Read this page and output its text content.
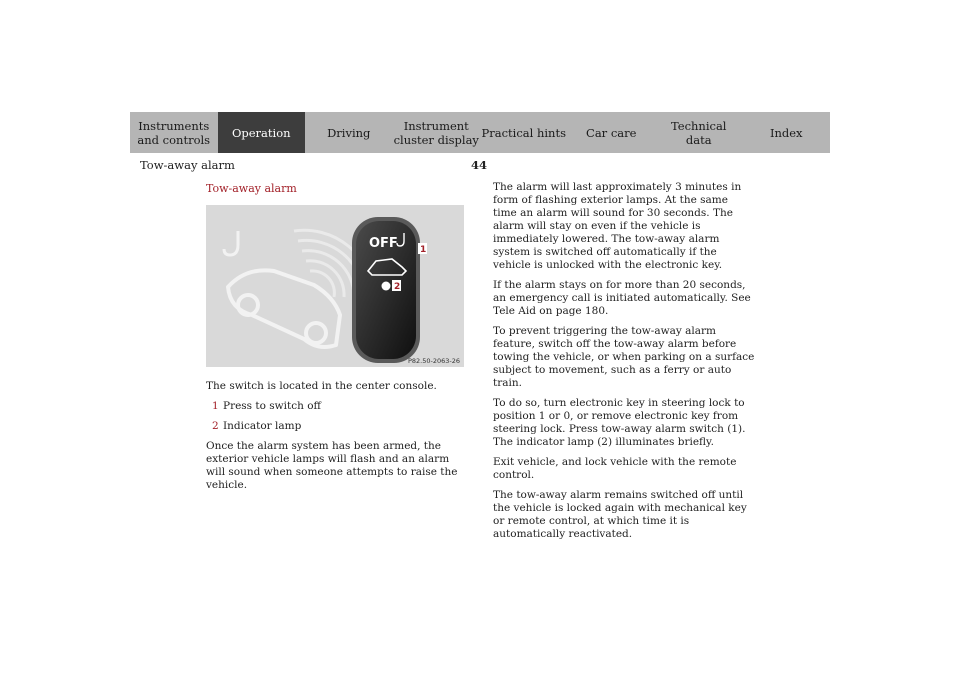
Instruments
and controls	Operation	Driving	Instrument
cluster display Practical hints	Car care	Technical
data	Index
Tow-away alarm	44
Tow-away alarm
OFF 1
2
P82.50-2063-26

The switch is located in the center console.

1 Press to switch off
2 Indicator lamp

Once the alarm system has been armed, the exterior vehicle lamps will flash and an alarm will sound when someone attempts to raise the vehicle.

The alarm will last approximately 3 minutes in form of flashing exterior lamps. At the same time an alarm will sound for 30 seconds. The alarm will stay on even if the vehicle is immediately lowered. The tow-away alarm system is switched off automatically if the vehicle is unlocked with the electronic key.

If the alarm stays on for more than 20 seconds, an emergency call is initiated automatically. See Tele Aid on page 180.

To prevent triggering the tow-away alarm feature, switch off the tow-away alarm before towing the vehicle, or when parking on a surface subject to movement, such as a ferry or auto train.

To do so, turn electronic key in steering lock to position 1 or 0, or remove electronic key from steering lock. Press tow-away alarm switch (1). The indicator lamp (2) illuminates briefly.

Exit vehicle, and lock vehicle with the remote control.

The tow-away alarm remains switched off until the vehicle is locked again with mechanical key or remote control, at which time it is automatically reactivated.
